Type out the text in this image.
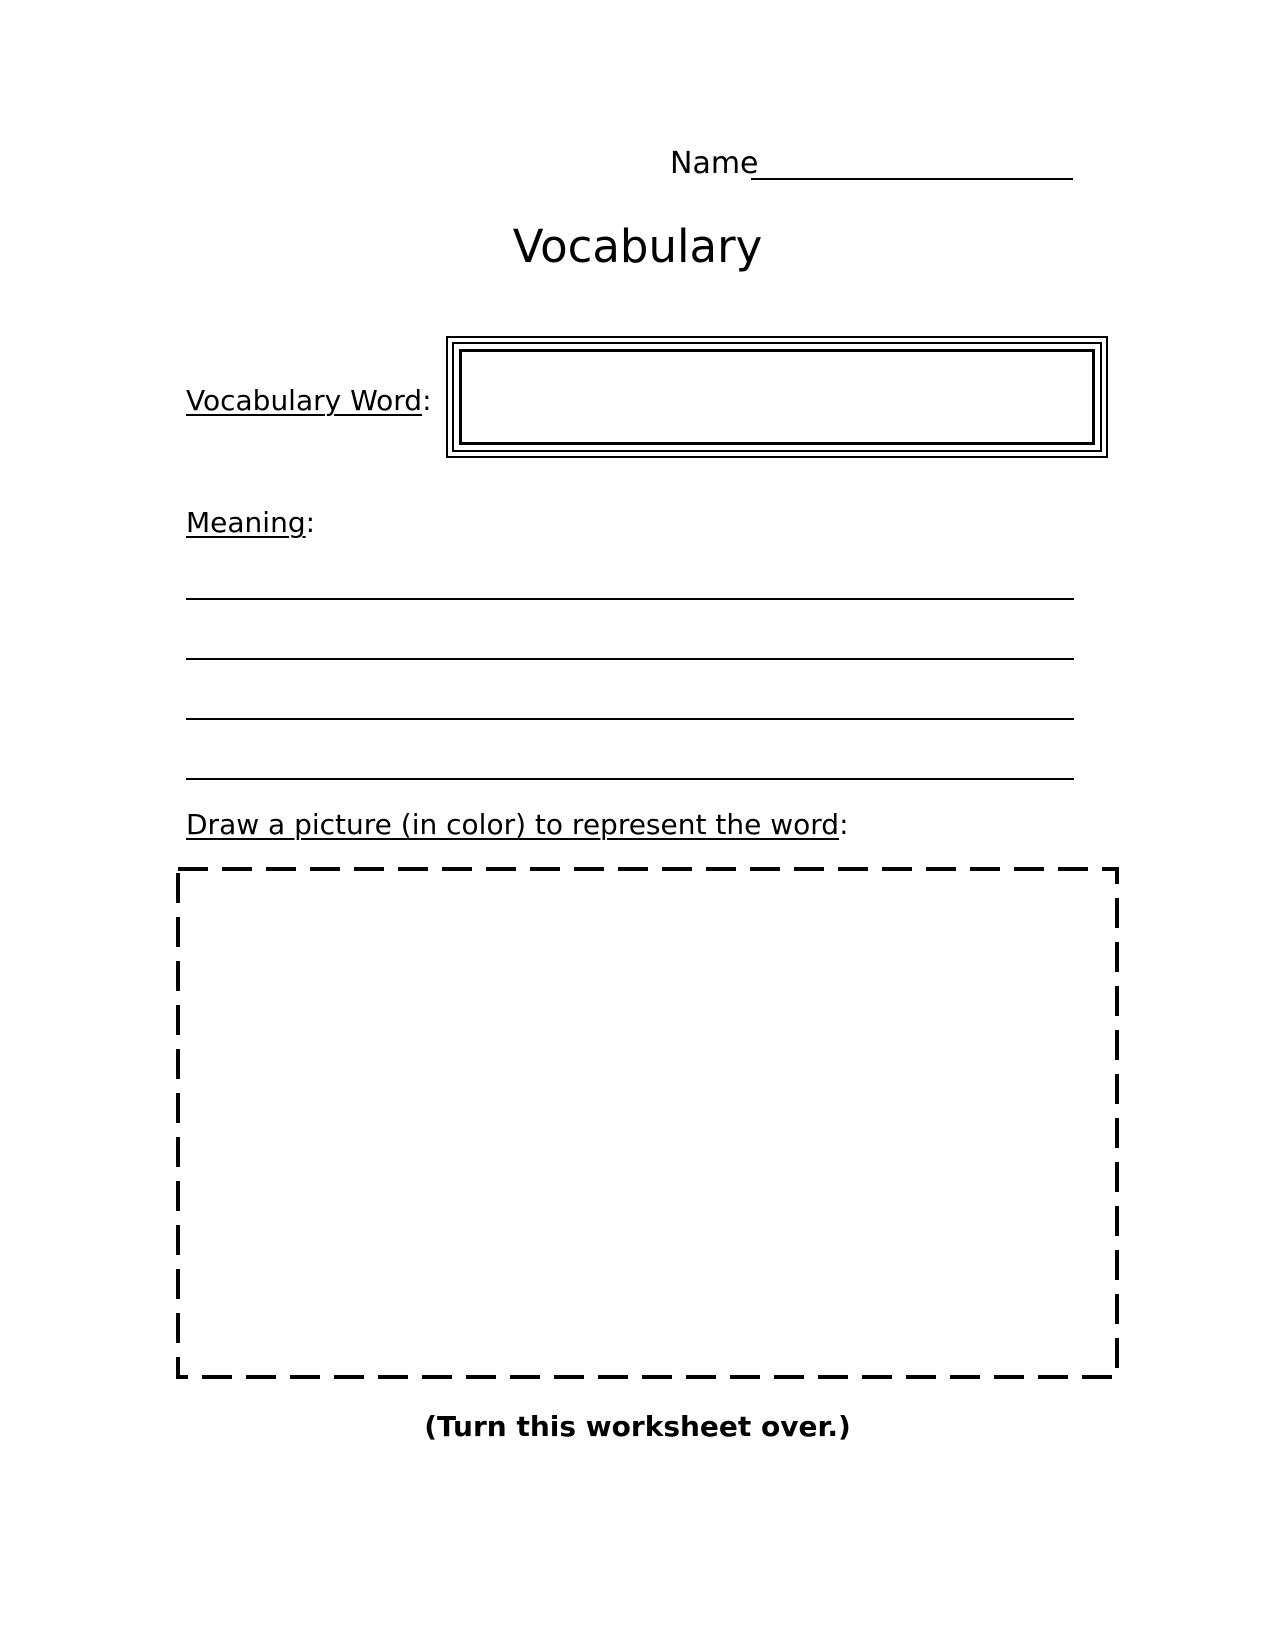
Name
Vocabulary
Vocabulary Word:
Meaning:
Draw a picture (in color) to represent the word:
(Turn this worksheet over.)
